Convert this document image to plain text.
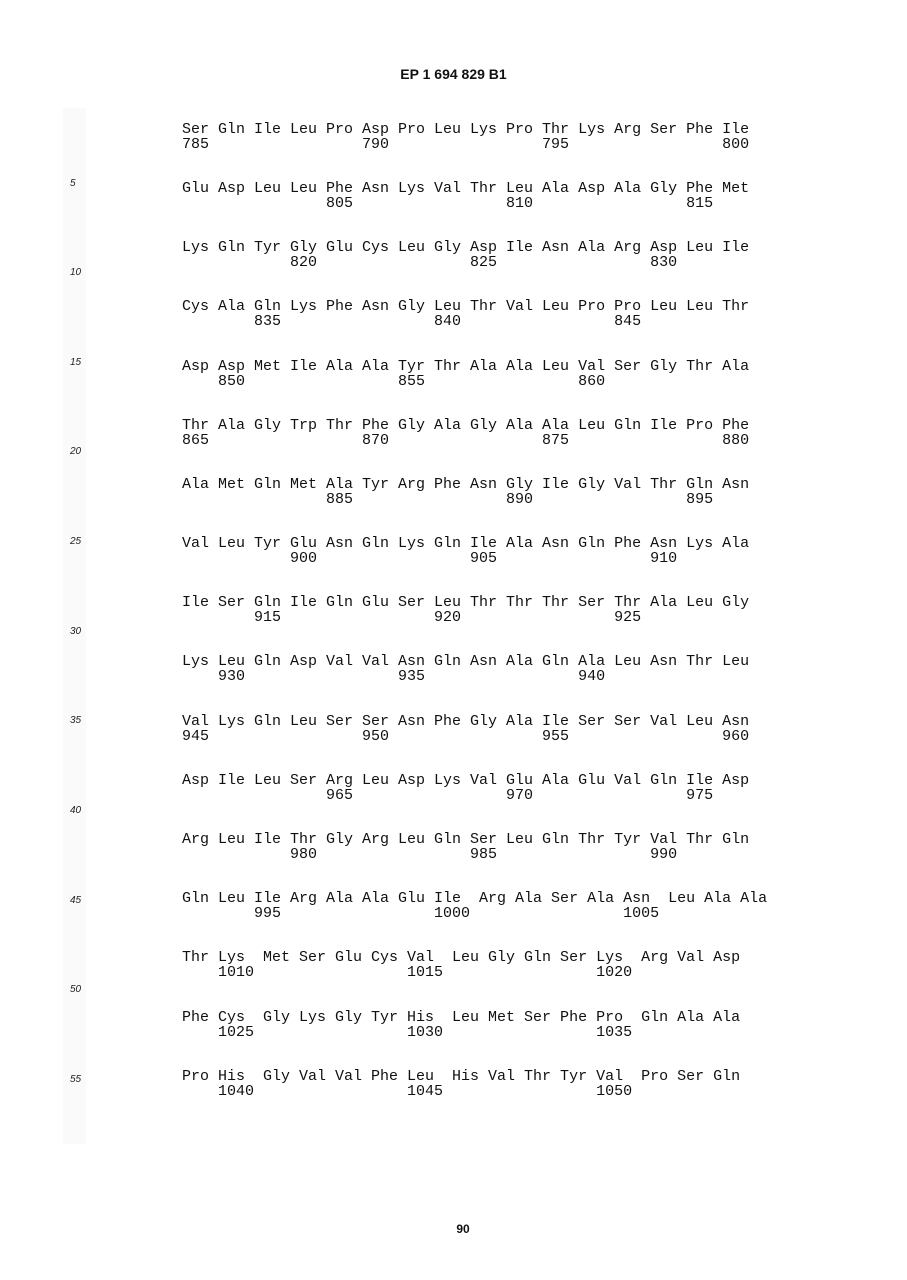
EP 1 694 829 B1
5
10
15
20
25
30
35
40
45
50
55
Ser Gln Ile Leu Pro Asp Pro Leu Lys Pro Thr Lys Arg Ser Phe Ile
785                 790                 795                 800
Glu Asp Leu Leu Phe Asn Lys Val Thr Leu Ala Asp Ala Gly Phe Met
805                 810                 815
Lys Gln Tyr Gly Glu Cys Leu Gly Asp Ile Asn Ala Arg Asp Leu Ile
820                 825                 830
Cys Ala Gln Lys Phe Asn Gly Leu Thr Val Leu Pro Pro Leu Leu Thr
835                 840                 845
Asp Asp Met Ile Ala Ala Tyr Thr Ala Ala Leu Val Ser Gly Thr Ala
850                 855                 860
Thr Ala Gly Trp Thr Phe Gly Ala Gly Ala Ala Leu Gln Ile Pro Phe
865                 870                 875                 880
Ala Met Gln Met Ala Tyr Arg Phe Asn Gly Ile Gly Val Thr Gln Asn
885                 890                 895
Val Leu Tyr Glu Asn Gln Lys Gln Ile Ala Asn Gln Phe Asn Lys Ala
900                 905                 910
Ile Ser Gln Ile Gln Glu Ser Leu Thr Thr Thr Ser Thr Ala Leu Gly
915                 920                 925
Lys Leu Gln Asp Val Val Asn Gln Asn Ala Gln Ala Leu Asn Thr Leu
930                 935                 940
Val Lys Gln Leu Ser Ser Asn Phe Gly Ala Ile Ser Ser Val Leu Asn
945                 950                 955                 960
Asp Ile Leu Ser Arg Leu Asp Lys Val Glu Ala Glu Val Gln Ile Asp
965                 970                 975
Arg Leu Ile Thr Gly Arg Leu Gln Ser Leu Gln Thr Tyr Val Thr Gln
980                 985                 990
Gln Leu Ile Arg Ala Ala Glu Ile  Arg Ala Ser Ala Asn  Leu Ala Ala
995                 1000                 1005
Thr Lys  Met Ser Glu Cys Val  Leu Gly Gln Ser Lys  Arg Val Asp
1010                 1015                 1020
Phe Cys  Gly Lys Gly Tyr His  Leu Met Ser Phe Pro  Gln Ala Ala
1025                 1030                 1035
Pro His  Gly Val Val Phe Leu  His Val Thr Tyr Val  Pro Ser Gln
1040                 1045                 1050
90
